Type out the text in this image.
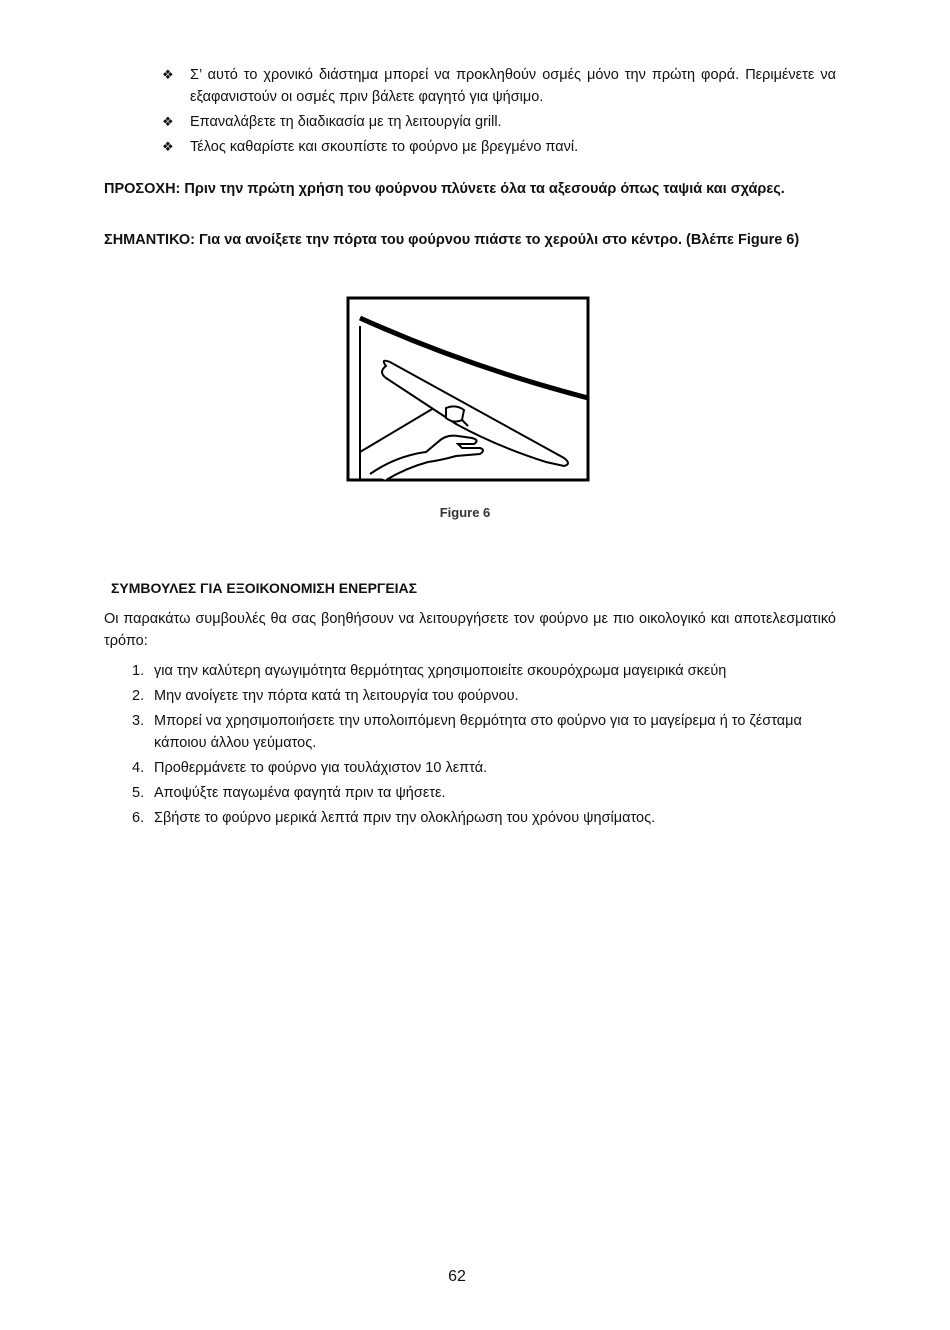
❖ Σ’ αυτό το χρονικό διάστημα μπορεί να προκληθούν οσμές μόνο την πρώτη φορά. Περιμένετε να εξαφανιστούν οι οσμές πριν βάλετε φαγητό για ψήσιμο.
❖ Επαναλάβετε τη διαδικασία με τη λειτουργία grill.
❖ Τέλος καθαρίστε και σκουπίστε το φούρνο με βρεγμένο πανί.
ΠΡΟΣΟΧΗ: Πριν την πρώτη χρήση του φούρνου πλύνετε όλα τα αξεσουάρ όπως ταψιά και σχάρες.
ΣΗΜΑΝΤΙΚΟ: Για να ανοίξετε την πόρτα του φούρνου πιάστε το χερούλι στο κέντρο. (Βλέπε Figure 6)
Figure 6
ΣΥΜΒΟΥΛΕΣ ΓΙΑ ΕΞΟΙΚΟΝΟΜΙΣΗ ΕΝΕΡΓΕΙΑΣ
Οι παρακάτω συμβουλές θα σας βοηθήσουν να λειτουργήσετε τον φούρνο με πιο οικολογικό και αποτελεσματικό τρόπο:
1. για την καλύτερη αγωγιμότητα θερμότητας χρησιμοποιείτε σκουρόχρωμα μαγειρικά σκεύη
2. Μην ανοίγετε την πόρτα κατά τη λειτουργία του φούρνου.
3. Μπορεί να χρησιμοποιήσετε την υπολοιπόμενη θερμότητα στο φούρνο για το μαγείρεμα ή το ζέσταμα κάποιου άλλου γεύματος.
4. Προθερμάνετε το φούρνο για τουλάχιστον 10 λεπτά.
5. Αποψύξτε παγωμένα φαγητά πριν τα ψήσετε.
6. Σβήστε το φούρνο μερικά λεπτά πριν την ολοκλήρωση του χρόνου ψησίματος.
62
